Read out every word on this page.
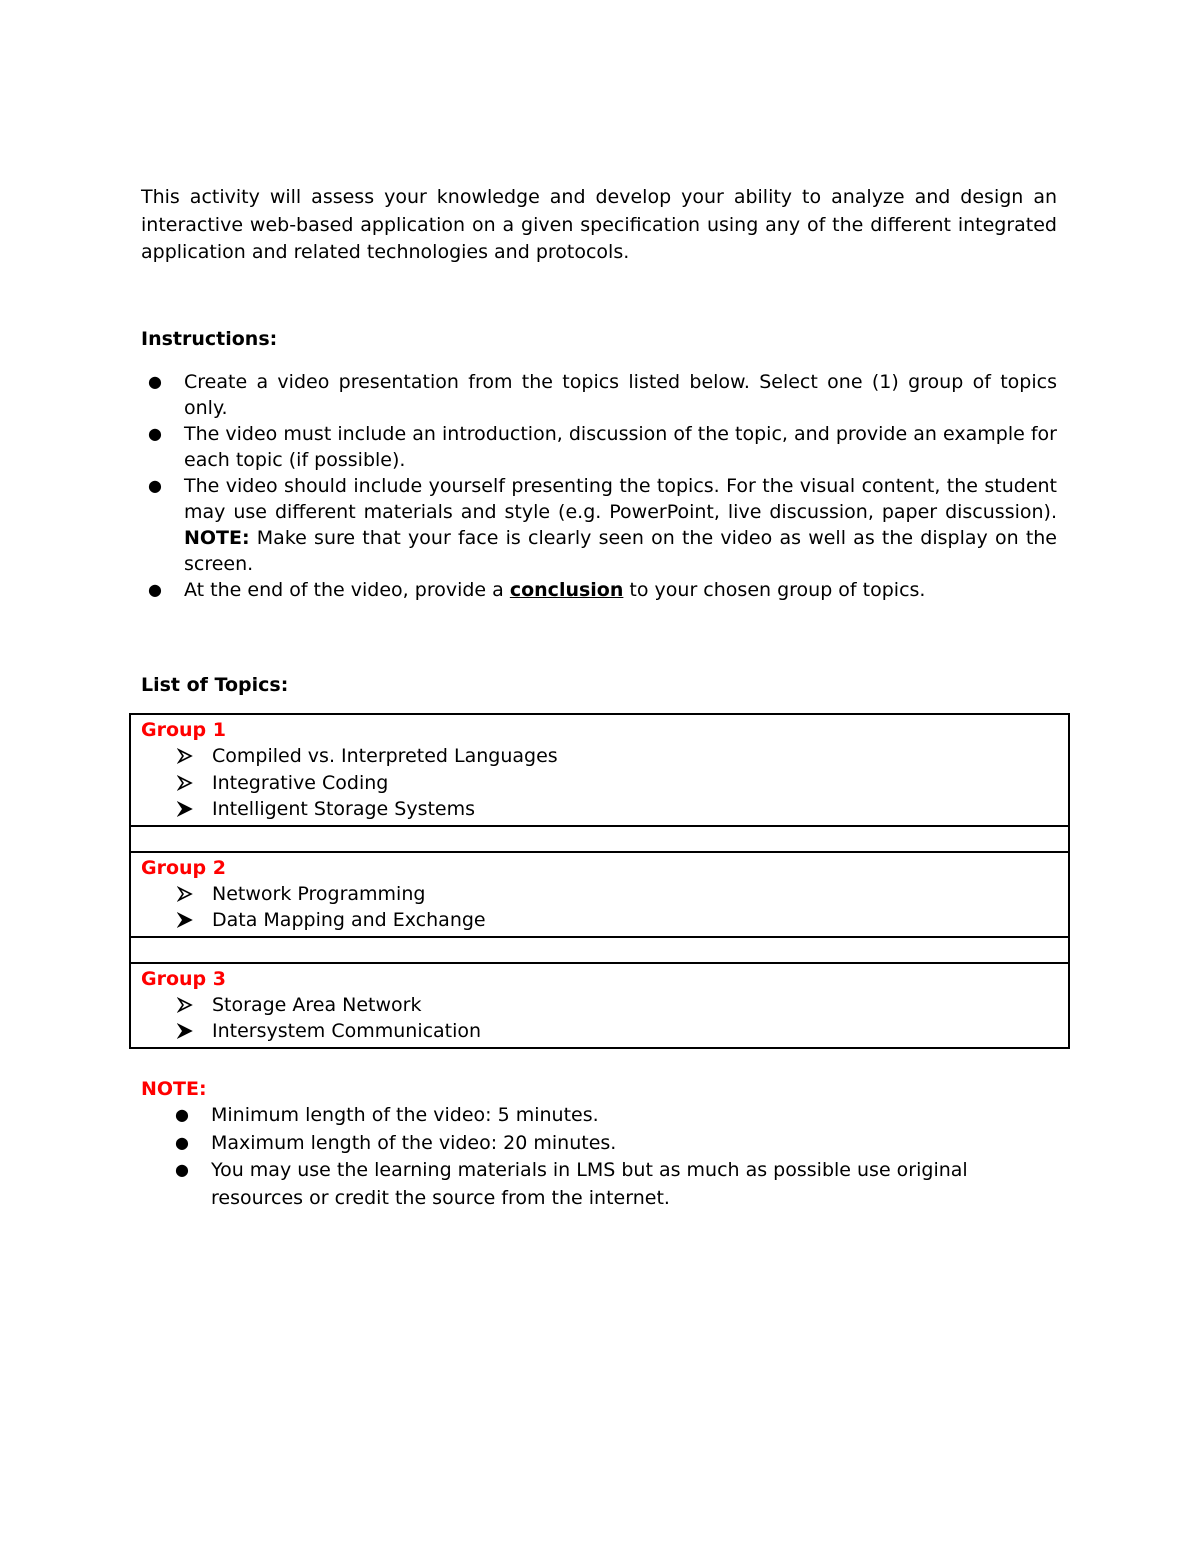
This activity will assess your knowledge and develop your ability to analyze and design an interactive web-based application on a given specification using any of the different integrated application and related technologies and protocols.

Instructions:

● Create a video presentation from the topics listed below. Select one (1) group of topics only.
● The video must include an introduction, discussion of the topic, and provide an example for each topic (if possible).
● The video should include yourself presenting the topics. For the visual content, the student may use different materials and style (e.g. PowerPoint, live discussion, paper discussion). NOTE: Make sure that your face is clearly seen on the video as well as the display on the screen.
● At the end of the video, provide a conclusion to your chosen group of topics.

List of Topics:

Group 1

Compiled vs. Interpreted Languages
Integrative Coding
Intelligent Storage Systems

Group 2

Network Programming
Data Mapping and Exchange

Group 3

Storage Area Network
Intersystem Communication

NOTE:

● Minimum length of the video: 5 minutes.
● Maximum length of the video: 20 minutes.
● You may use the learning materials in LMS but as much as possible use original resources or credit the source from the internet.
